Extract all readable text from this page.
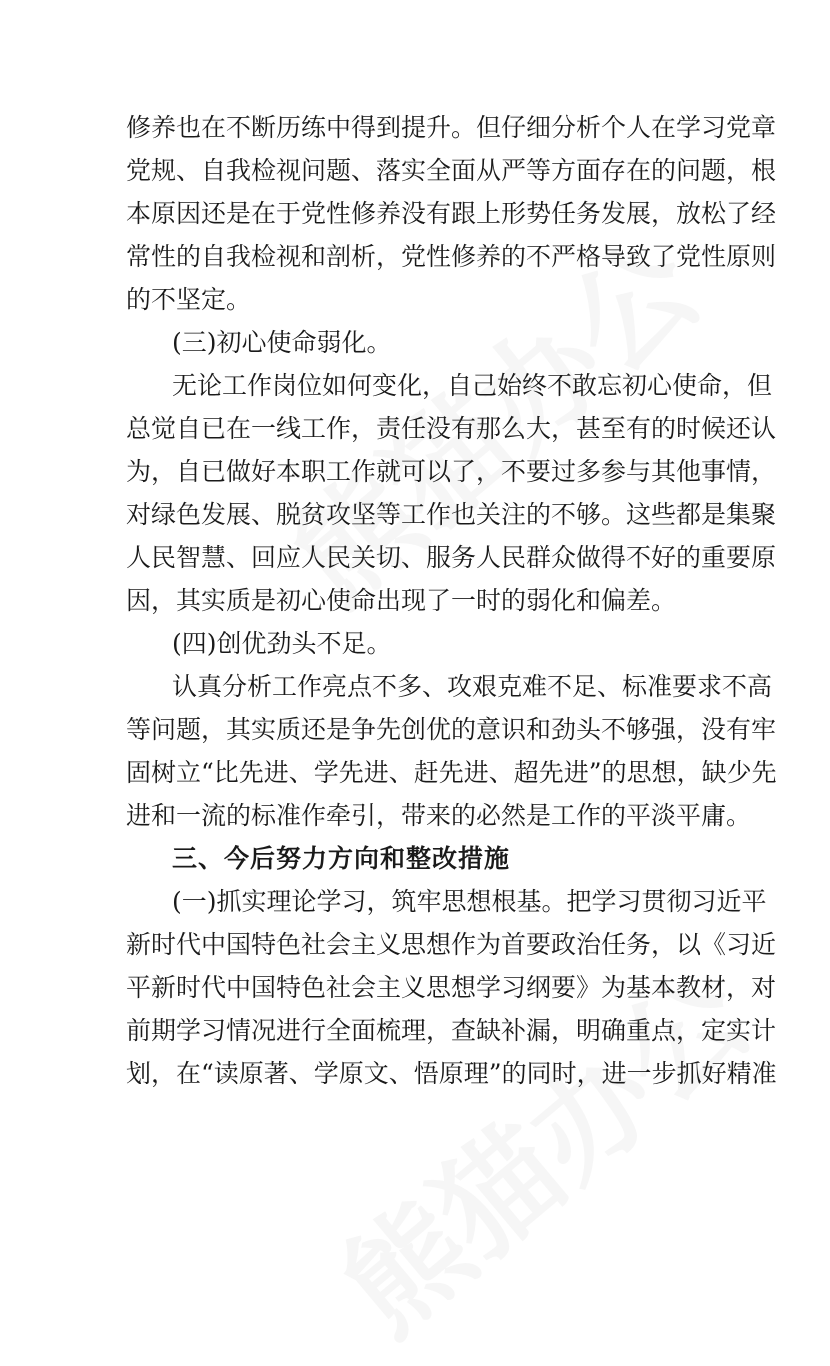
修养也在不断历练中得到提升。但仔细分析个人在学习党章

党规、自我检视问题、落实全面从严等方面存在的问题，根

本原因还是在于党性修养没有跟上形势任务发展，放松了经

常性的自我检视和剖析，党性修养的不严格导致了党性原则

的不坚定。

(三)初心使命弱化。

无论工作岗位如何变化，自己始终不敢忘初心使命，但

总觉自已在一线工作，责任没有那么大，甚至有的时候还认

为，自已做好本职工作就可以了，不要过多参与其他事情，

对绿色发展、脱贫攻坚等工作也关注的不够。这些都是集聚

人民智慧、回应人民关切、服务人民群众做得不好的重要原

因，其实质是初心使命出现了一时的弱化和偏差。

(四)创优劲头不足。

认真分析工作亮点不多、攻艰克难不足、标准要求不高

等问题，其实质还是争先创优的意识和劲头不够强，没有牢

固树立“比先进、学先进、赶先进、超先进”的思想，缺少先

进和一流的标准作牵引，带来的必然是工作的平淡平庸。

三、今后努力方向和整改措施

(一)抓实理论学习，筑牢思想根基。把学习贯彻习近平

新时代中国特色社会主义思想作为首要政治任务，以《习近

平新时代中国特色社会主义思想学习纲要》为基本教材，对

前期学习情况进行全面梳理，查缺补漏，明确重点，定实计

划，在“读原著、学原文、悟原理”的同时，进一步抓好精准
